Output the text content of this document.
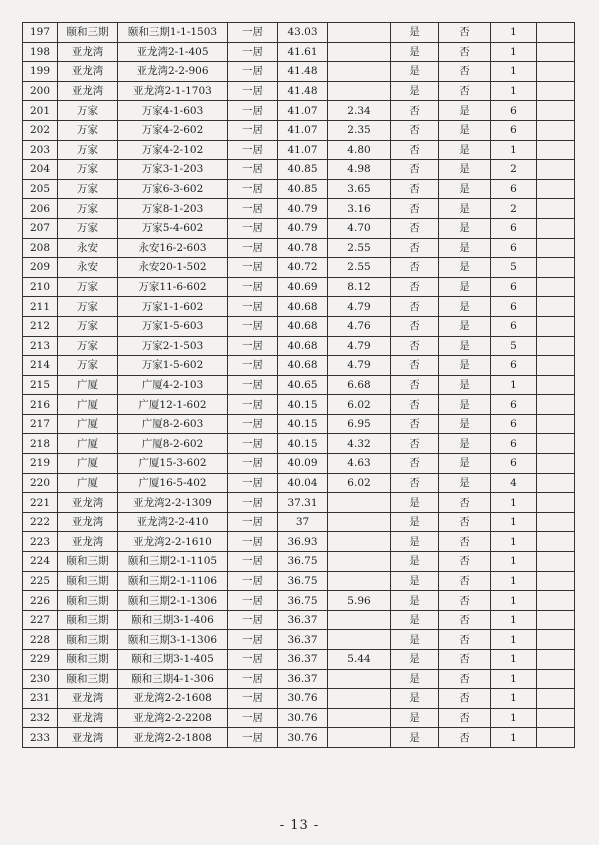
197	颐和三期	颐和三期1-1-1503	一居	43.03		是	否	1	
198	亚龙湾	亚龙湾2-1-405	一居	41.61		是	否	1	
199	亚龙湾	亚龙湾2-2-906	一居	41.48		是	否	1	
200	亚龙湾	亚龙湾2-1-1703	一居	41.48		是	否	1	
201	万家	万家4-1-603	一居	41.07	2.34	否	是	6	
202	万家	万家4-2-602	一居	41.07	2.35	否	是	6	
203	万家	万家4-2-102	一居	41.07	4.80	否	是	1	
204	万家	万家3-1-203	一居	40.85	4.98	否	是	2	
205	万家	万家6-3-602	一居	40.85	3.65	否	是	6	
206	万家	万家8-1-203	一居	40.79	3.16	否	是	2	
207	万家	万家5-4-602	一居	40.79	4.70	否	是	6	
208	永安	永安16-2-603	一居	40.78	2.55	否	是	6	
209	永安	永安20-1-502	一居	40.72	2.55	否	是	5	
210	万家	万家11-6-602	一居	40.69	8.12	否	是	6	
211	万家	万家1-1-602	一居	40.68	4.79	否	是	6	
212	万家	万家1-5-603	一居	40.68	4.76	否	是	6	
213	万家	万家2-1-503	一居	40.68	4.79	否	是	5	
214	万家	万家1-5-602	一居	40.68	4.79	否	是	6	
215	广厦	广厦4-2-103	一居	40.65	6.68	否	是	1	
216	广厦	广厦12-1-602	一居	40.15	6.02	否	是	6	
217	广厦	广厦8-2-603	一居	40.15	6.95	否	是	6	
218	广厦	广厦8-2-602	一居	40.15	4.32	否	是	6	
219	广厦	广厦15-3-602	一居	40.09	4.63	否	是	6	
220	广厦	广厦16-5-402	一居	40.04	6.02	否	是	4	
221	亚龙湾	亚龙湾2-2-1309	一居	37.31		是	否	1	
222	亚龙湾	亚龙湾2-2-410	一居	37		是	否	1	
223	亚龙湾	亚龙湾2-2-1610	一居	36.93		是	否	1	
224	颐和三期	颐和三期2-1-1105	一居	36.75		是	否	1	
225	颐和三期	颐和三期2-1-1106	一居	36.75		是	否	1	
226	颐和三期	颐和三期2-1-1306	一居	36.75	5.96	是	否	1	
227	颐和三期	颐和三期3-1-406	一居	36.37		是	否	1	
228	颐和三期	颐和三期3-1-1306	一居	36.37		是	否	1	
229	颐和三期	颐和三期3-1-405	一居	36.37	5.44	是	否	1	
230	颐和三期	颐和三期4-1-306	一居	36.37		是	否	1	
231	亚龙湾	亚龙湾2-2-1608	一居	30.76		是	否	1	
232	亚龙湾	亚龙湾2-2-2208	一居	30.76		是	否	1	
233	亚龙湾	亚龙湾2-2-1808	一居	30.76		是	否	1	
- 13 -
